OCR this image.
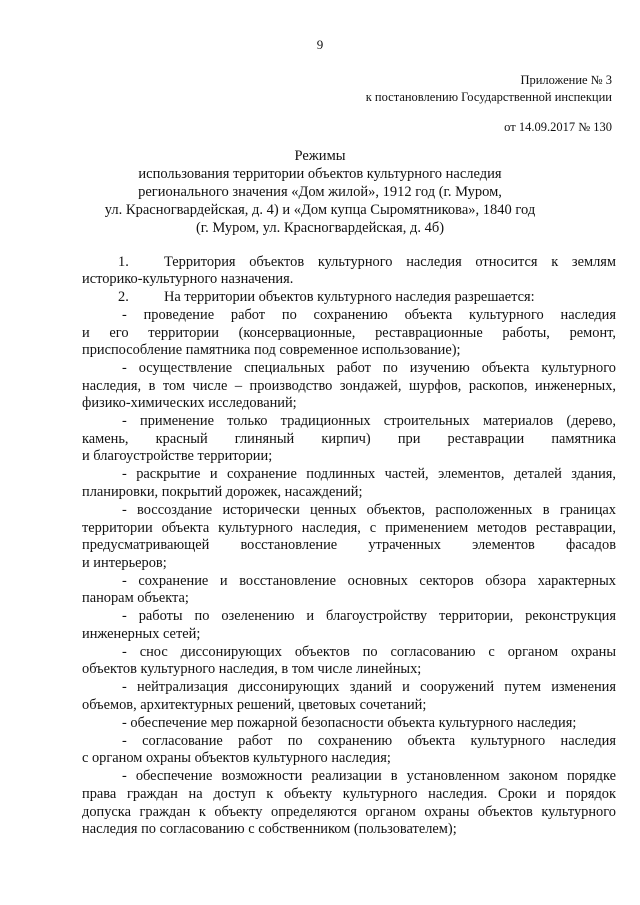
9
Приложение № 3
к постановлению Государственной инспекции
от 14.09.2017 № 130
Режимы
использования территории объектов культурного наследия
регионального значения «Дом жилой», 1912 год (г. Муром,
ул. Красногвардейская, д. 4) и «Дом купца Сыромятникова», 1840 год
(г. Муром, ул. Красногвардейская, д. 4б)
1. Территория объектов культурного наследия относится к землям
историко-культурного назначения.
2. На территории объектов культурного наследия разрешается:
- проведение работ по сохранению объекта культурного наследия
и его территории (консервационные, реставрационные работы, ремонт,
приспособление памятника под современное использование);
- осуществление специальных работ по изучению объекта культурного
наследия, в том числе – производство зондажей, шурфов, раскопов, инженерных,
физико-химических исследований;
- применение только традиционных строительных материалов (дерево,
камень, красный глиняный кирпич) при реставрации памятника
и благоустройстве территории;
- раскрытие и сохранение подлинных частей, элементов, деталей здания,
планировки, покрытий дорожек, насаждений;
- воссоздание исторически ценных объектов, расположенных в границах
территории объекта культурного наследия, с применением методов реставрации,
предусматривающей восстановление утраченных элементов фасадов
и интерьеров;
- сохранение и восстановление основных секторов обзора характерных
панорам объекта;
- работы по озеленению и благоустройству территории, реконструкция
инженерных сетей;
- снос диссонирующих объектов по согласованию с органом охраны
объектов культурного наследия, в том числе линейных;
- нейтрализация диссонирующих зданий и сооружений путем изменения
объемов, архитектурных решений, цветовых сочетаний;
- обеспечение мер пожарной безопасности объекта культурного наследия;
- согласование работ по сохранению объекта культурного наследия
с органом охраны объектов культурного наследия;
- обеспечение возможности реализации в установленном законом порядке
права граждан на доступ к объекту культурного наследия. Сроки и порядок
допуска граждан к объекту определяются органом охраны объектов культурного
наследия по согласованию с собственником (пользователем);
